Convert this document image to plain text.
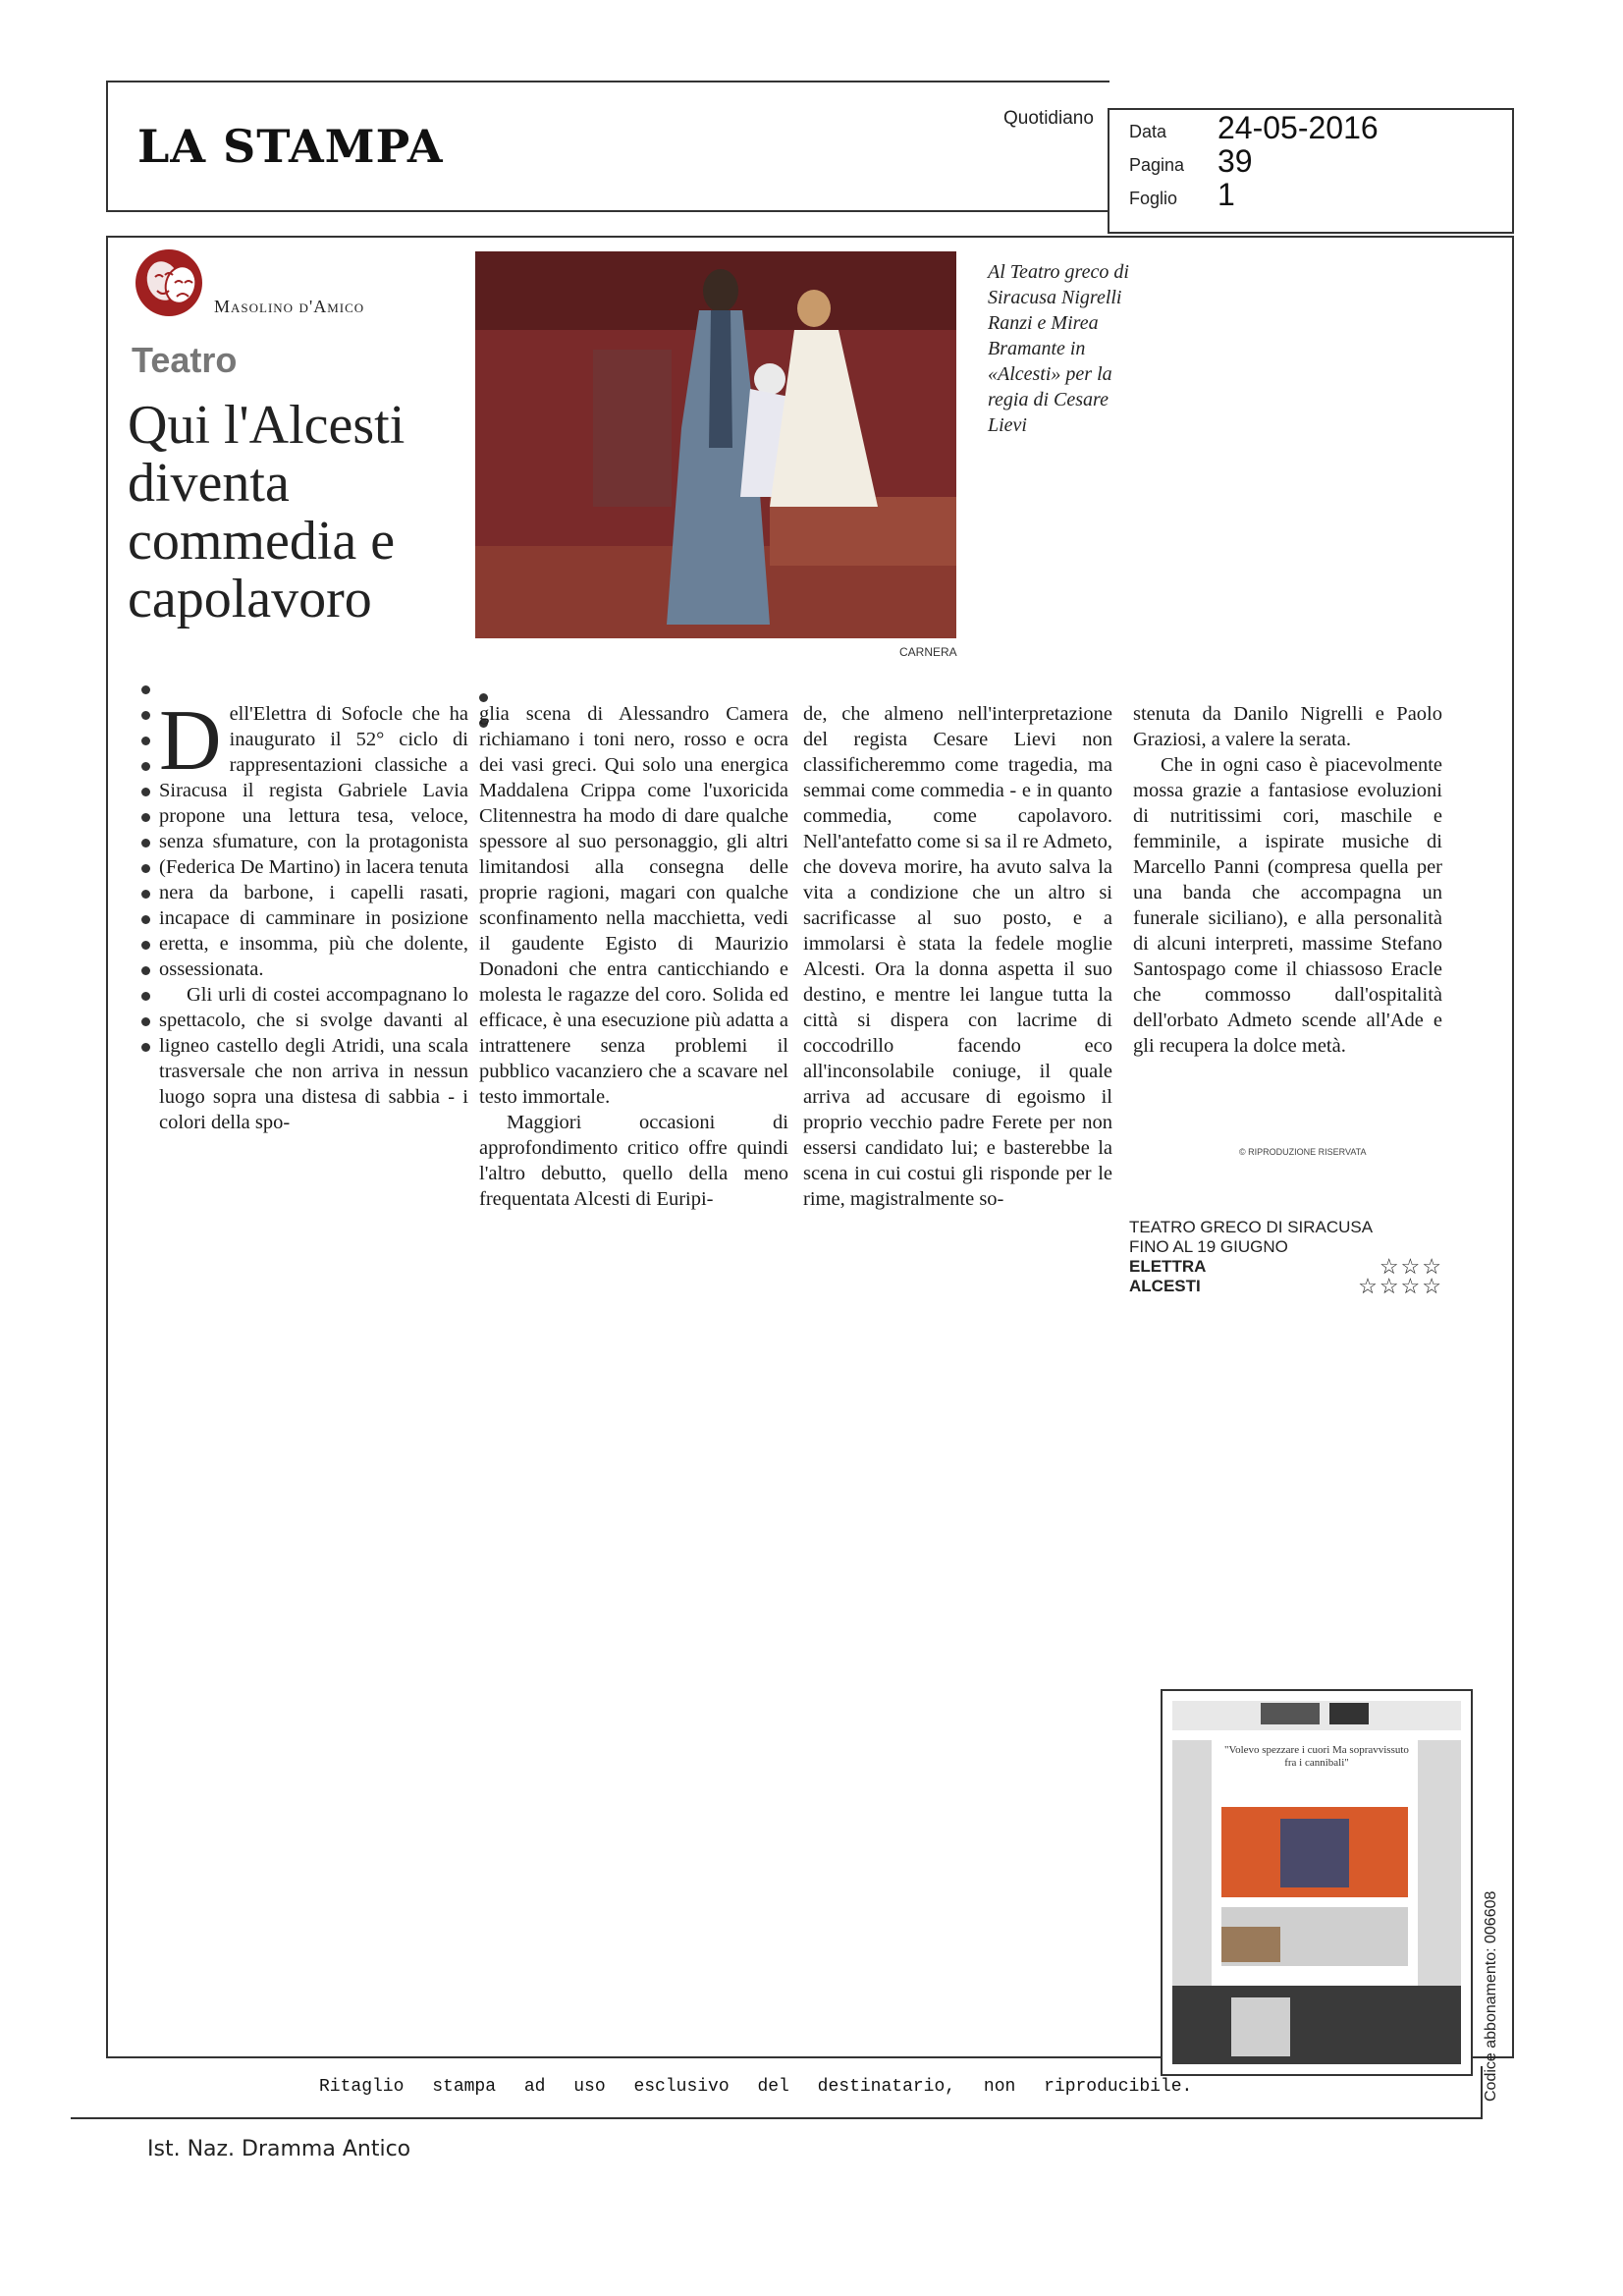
LA STAMPA
Quotidiano
Data 24-05-2016
Pagina 39
Foglio 1
Masolino d'Amico
Teatro
Qui l'Alcesti diventa commedia e capolavoro
CARNERA
Al Teatro greco di Siracusa Nigrelli Ranzi e Mirea Bramante in «Alcesti» per la regia di Cesare Lievi

Dell'Elettra di Sofocle che ha inaugurato il 52° ciclo di rappresentazioni classiche a Siracusa il regista Gabriele Lavia propone una lettura tesa, veloce, senza sfumature, con la protagonista (Federica De Martino) in lacera tenuta nera da barbone, i capelli rasati, incapace di camminare in posizione eretta, e insomma, più che dolente, ossessionata.

Gli urli di costei accompagnano lo spettacolo, che si svolge davanti al ligneo castello degli Atridi, una scala trasversale che non arriva in nessun luogo sopra una distesa di sabbia - i colori della spo-

glia scena di Alessandro Camera richiamano i toni nero, rosso e ocra dei vasi greci. Qui solo una energica Maddalena Crippa come l'uxoricida Clitennestra ha modo di dare qualche spessore al suo personaggio, gli altri limitandosi alla consegna delle proprie ragioni, magari con qualche sconfinamento nella macchietta, vedi il gaudente Egisto di Maurizio Donadoni che entra canticchiando e molesta le ragazze del coro. Solida ed efficace, è una esecuzione più adatta a intrattenere senza problemi il pubblico vacanziero che a scavare nel testo immortale.

Maggiori occasioni di approfondimento critico offre quindi l'altro debutto, quello della meno frequentata Alcesti di Euripi-

de, che almeno nell'interpretazione del regista Cesare Lievi non classificheremmo come tragedia, ma semmai come commedia - e in quanto commedia, come capolavoro. Nell'antefatto come si sa il re Admeto, che doveva morire, ha avuto salva la vita a condizione che un altro si sacrificasse al suo posto, e a immolarsi è stata la fedele moglie Alcesti. Ora la donna aspetta il suo destino, e mentre lei langue tutta la città si dispera con lacrime di coccodrillo facendo eco all'inconsolabile coniuge, il quale arriva ad accusare di egoismo il proprio vecchio padre Ferete per non essersi candidato lui; e basterebbe la scena in cui costui gli risponde per le rime, magistralmente so-

stenuta da Danilo Nigrelli e Paolo Graziosi, a valere la serata.

Che in ogni caso è piacevolmente mossa grazie a fantasiose evoluzioni di nutritissimi cori, maschile e femminile, a ispirate musiche di Marcello Panni (compresa quella per una banda che accompagna un funerale siciliano), e alla personalità di alcuni interpreti, massime Stefano Santospago come il chiassoso Eracle che commosso dall'ospitalità dell'orbato Admeto scende all'Ade e gli recupera la dolce metà.

© RIPRODUZIONE RISERVATA
TEATRO GRECO DI SIRACUSA
FINO AL 19 GIUGNO
ELETTRA	☆☆☆
ALCESTI	☆☆☆☆
"Volevo spezzare i cuori Ma sopravvissuto fra i cannibali"
Codice abbonamento: 006608
Ritaglio stampa ad uso esclusivo del destinatario, non riproducibile.
Ist. Naz. Dramma Antico
